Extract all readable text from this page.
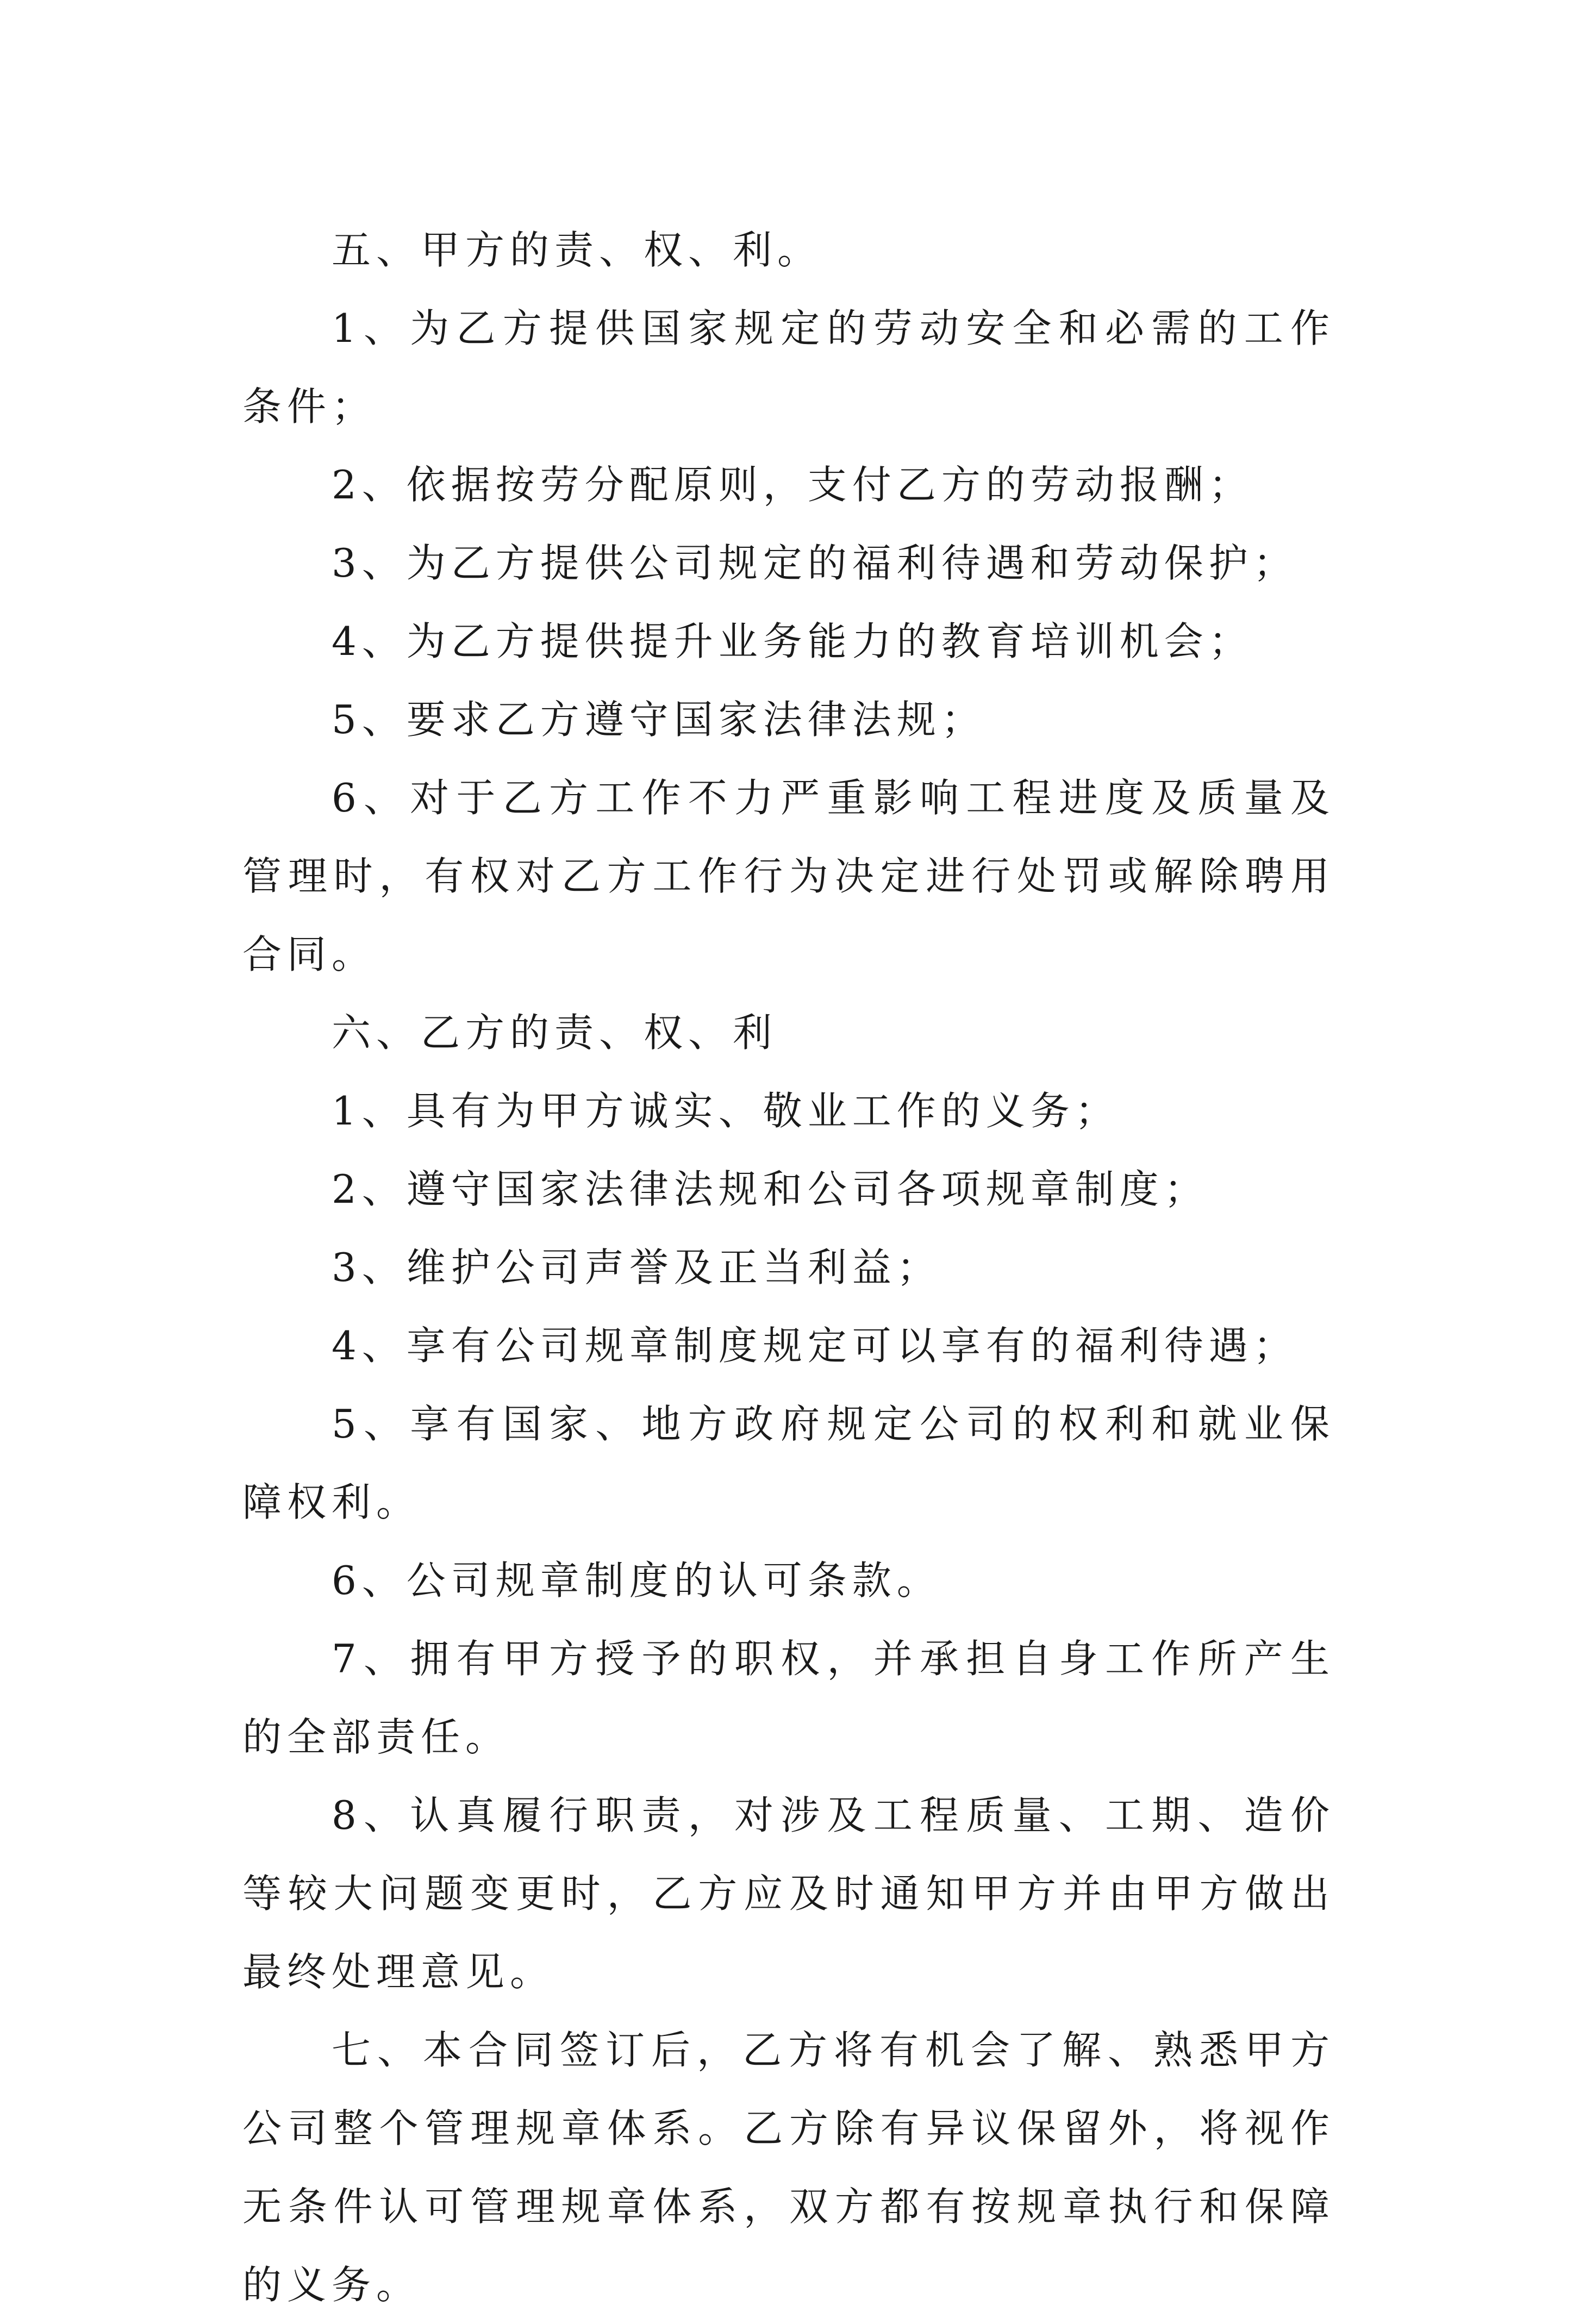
五、甲方的责、权、利。

1、为乙方提供国家规定的劳动安全和必需的工作条件；

2、依据按劳分配原则，支付乙方的劳动报酬；

3、为乙方提供公司规定的福利待遇和劳动保护；

4、为乙方提供提升业务能力的教育培训机会；

5、要求乙方遵守国家法律法规；

6、对于乙方工作不力严重影响工程进度及质量及管理时，有权对乙方工作行为决定进行处罚或解除聘用合同。

六、乙方的责、权、利

1、具有为甲方诚实、敬业工作的义务；

2、遵守国家法律法规和公司各项规章制度；

3、维护公司声誉及正当利益；

4、享有公司规章制度规定可以享有的福利待遇；

5、享有国家、地方政府规定公司的权利和就业保障权利。

6、公司规章制度的认可条款。

7、拥有甲方授予的职权，并承担自身工作所产生的全部责任。

8、认真履行职责，对涉及工程质量、工期、造价等较大问题变更时，乙方应及时通知甲方并由甲方做出最终处理意见。

七、本合同签订后，乙方将有机会了解、熟悉甲方公司整个管理规章体系。乙方除有异议保留外，将视作无条件认可管理规章体系，双方都有按规章执行和保障的义务。
